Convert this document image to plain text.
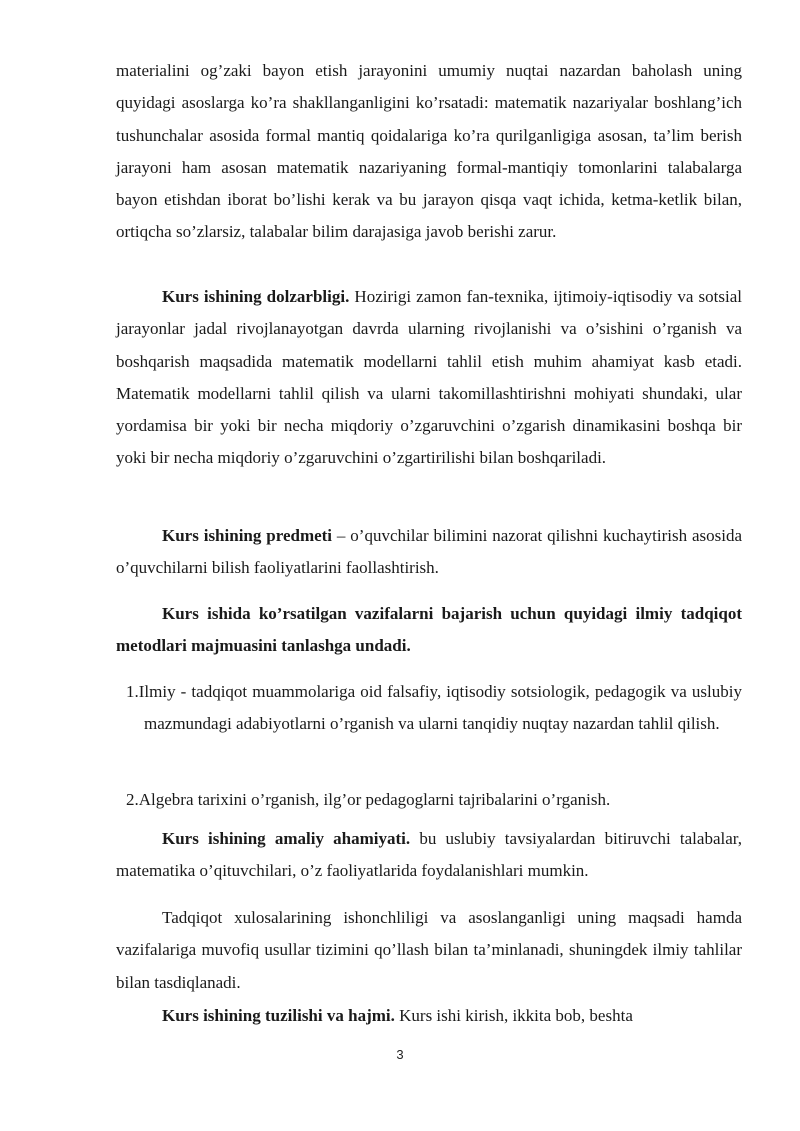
materialini og’zaki bayon etish jarayonini umumiy nuqtai nazardan baholash uning quyidagi asoslarga ko’ra shakllanganligini ko’rsatadi: matematik nazariyalar boshlang’ich tushunchalar asosida formal mantiq qoidalariga ko’ra qurilganligiga asosan, ta’lim berish jarayoni ham asosan matematik nazariyaning formal-mantiqiy tomonlarini talabalarga bayon etishdan iborat bo’lishi kerak va bu jarayon qisqa vaqt ichida, ketma-ketlik bilan, ortiqcha so’zlarsiz, talabalar bilim darajasiga javob berishi zarur.

Kurs ishining dolzarbligi. Hozirigi zamon fan-texnika, ijtimoiy-iqtisodiy va sotsial jarayonlar jadal rivojlanayotgan davrda ularning rivojlanishi va o’sishini o’rganish va boshqarish maqsadida matematik modellarni tahlil etish muhim ahamiyat kasb etadi. Matematik modellarni tahlil qilish va ularni takomillashtirishni mohiyati shundaki, ular yordamisa bir yoki bir necha miqdoriy o’zgaruvchini o’zgarish dinamikasini boshqa bir yoki bir necha miqdoriy o’zgaruvchini o’zgartirilishi bilan boshqariladi.

Kurs ishining predmeti – o’quvchilar bilimini nazorat qilishni kuchaytirish asosida o’quvchilarni bilish faoliyatlarini faollashtirish.

Kurs ishida ko’rsatilgan vazifalarni bajarish uchun quyidagi ilmiy tadqiqot metodlari majmuasini tanlashga undadi.

1.Ilmiy - tadqiqot muammolariga oid falsafiy, iqtisodiy sotsiologik, pedagogik va uslubiy mazmundagi adabiyotlarni o’rganish va ularni tanqidiy nuqtay nazardan tahlil qilish.

2.Algebra tarixini o’rganish, ilg’or pedagoglarni tajribalarini o’rganish.

Kurs ishining amaliy ahamiyati. bu uslubiy tavsiyalardan bitiruvchi talabalar, matematika o’qituvchilari, o’z faoliyatlarida foydalanishlari mumkin.

Tadqiqot xulosalarining ishonchliligi va asoslanganligi uning maqsadi hamda vazifalariga muvofiq usullar tizimini qo’llash bilan ta’minlanadi, shuningdek ilmiy tahlilar bilan tasdiqlanadi.

Kurs ishining tuzilishi va hajmi. Kurs ishi kirish, ikkita bob, beshta

3
